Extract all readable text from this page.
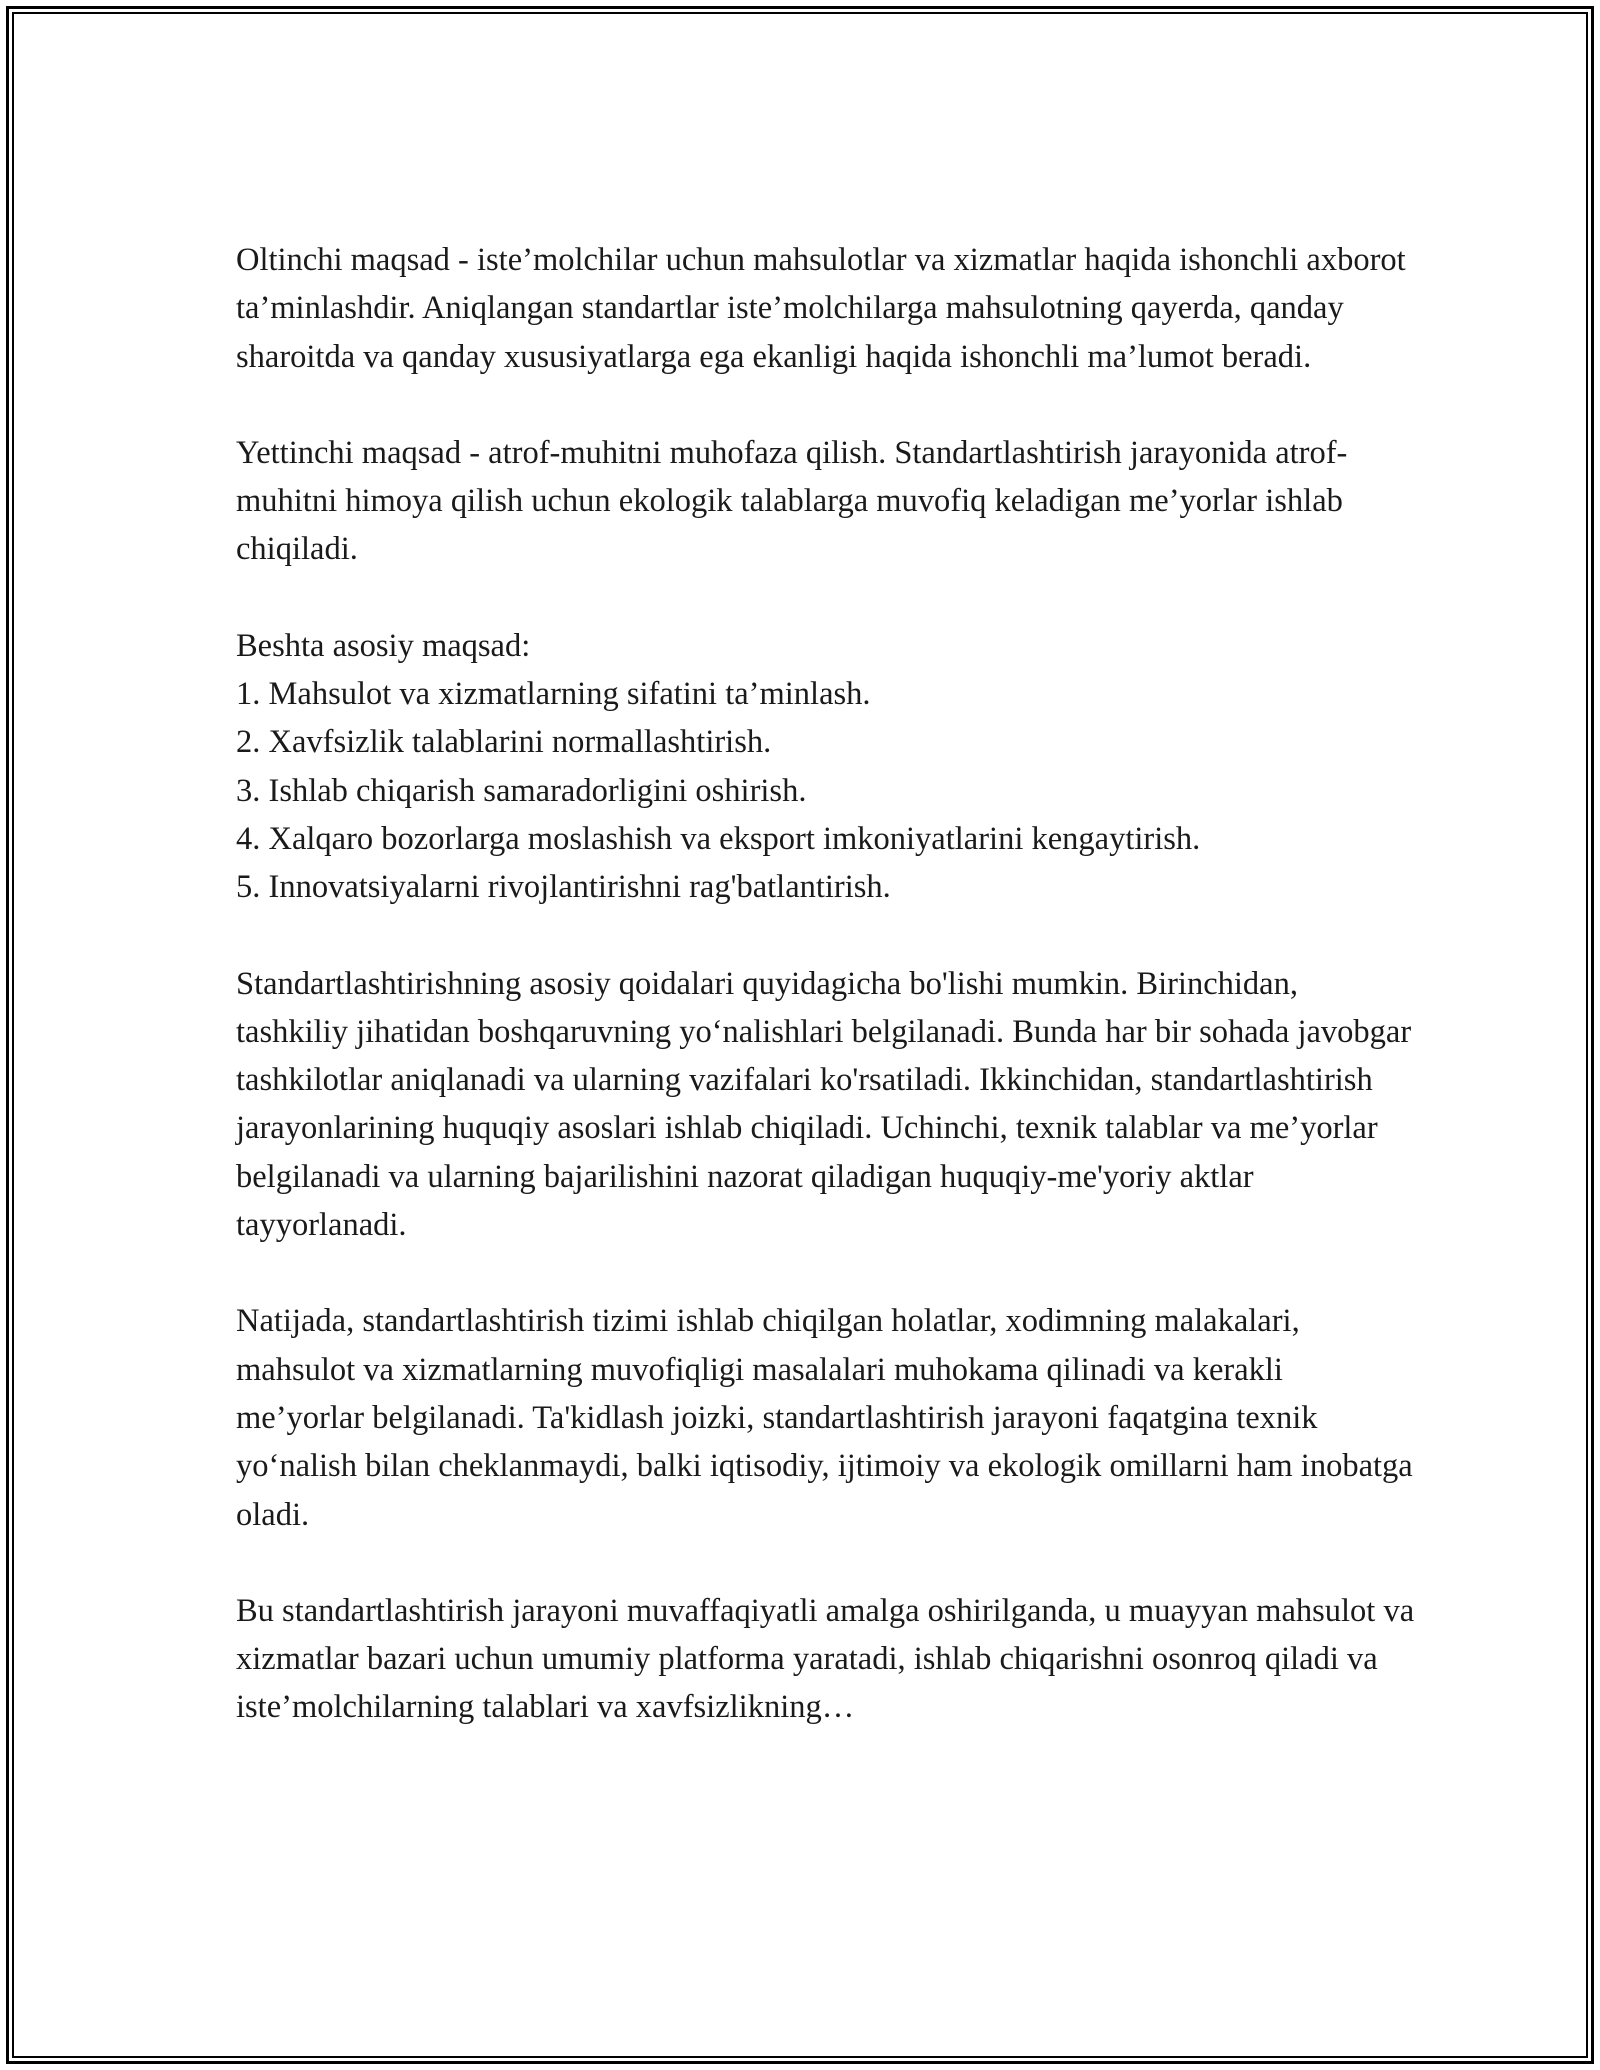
Oltinchi maqsad - iste’molchilar uchun mahsulotlar va xizmatlar haqida ishonchli axborot ta’minlashdir. Aniqlangan standartlar iste’molchilarga mahsulotning qayerda, qanday sharoitda va qanday xususiyatlarga ega ekanligi haqida ishonchli ma’lumot beradi.

Yettinchi maqsad - atrof-muhitni muhofaza qilish. Standartlashtirish jarayonida atrof-muhitni himoya qilish uchun ekologik talablarga muvofiq keladigan me’yorlar ishlab chiqiladi.

Beshta asosiy maqsad:
1. Mahsulot va xizmatlarning sifatini ta’minlash.
2. Xavfsizlik talablarini normallashtirish.
3. Ishlab chiqarish samaradorligini oshirish.
4. Xalqaro bozorlarga moslashish va eksport imkoniyatlarini kengaytirish.
5. Innovatsiyalarni rivojlantirishni rag'batlantirish.

Standartlashtirishning asosiy qoidalari quyidagicha bo'lishi mumkin. Birinchidan, tashkiliy jihatidan boshqaruvning yo‘nalishlari belgilanadi. Bunda har bir sohada javobgar tashkilotlar aniqlanadi va ularning vazifalari ko'rsatiladi. Ikkinchidan, standartlashtirish jarayonlarining huquqiy asoslari ishlab chiqiladi. Uchinchi, texnik talablar va me’yorlar belgilanadi va ularning bajarilishini nazorat qiladigan huquqiy-me'yoriy aktlar tayyorlanadi.

Natijada, standartlashtirish tizimi ishlab chiqilgan holatlar, xodimning malakalari, mahsulot va xizmatlarning muvofiqligi masalalari muhokama qilinadi va kerakli me’yorlar belgilanadi. Ta'kidlash joizki, standartlashtirish jarayoni faqatgina texnik yo‘nalish bilan cheklanmaydi, balki iqtisodiy, ijtimoiy va ekologik omillarni ham inobatga oladi.

Bu standartlashtirish jarayoni muvaffaqiyatli amalga oshirilganda, u muayyan mahsulot va xizmatlar bazari uchun umumiy platforma yaratadi, ishlab chiqarishni osonroq qiladi va iste’molchilarning talablari va xavfsizlikning…
